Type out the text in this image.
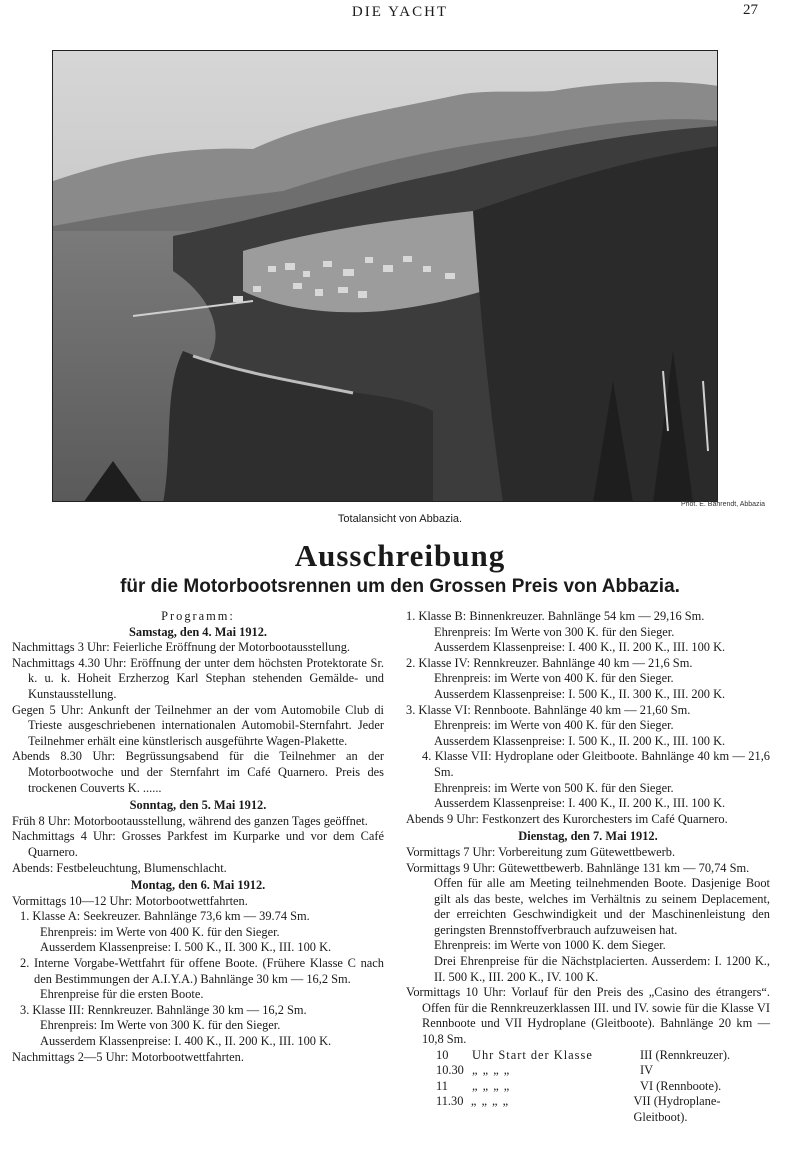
DIE YACHT	27
Phot. E. Bährendt, Abbazia
Totalansicht von Abbazia.
Ausschreibung
für die Motorbootsrennen um den Grossen Preis von Abbazia.

Programm:

Samstag, den 4. Mai 1912.

Nachmittags 3 Uhr: Feierliche Eröffnung der Motorbootausstellung.

Nachmittags 4.30 Uhr: Eröffnung der unter dem höchsten Protektorate Sr. k. u. k. Hoheit Erzherzog Karl Stephan stehenden Gemälde- und Kunstausstellung.

Gegen 5 Uhr: Ankunft der Teilnehmer an der vom Automobile Club di Trieste ausgeschriebenen internationalen Automobil-Sternfahrt. Jeder Teilnehmer erhält eine künstlerisch ausgeführte Wagen-Plakette.

Abends 8.30 Uhr: Begrüssungsabend für die Teilnehmer an der Motorbootwoche und der Sternfahrt im Café Quarnero. Preis des trockenen Couverts K. ......

Sonntag, den 5. Mai 1912.

Früh 8 Uhr: Motorbootausstellung, während des ganzen Tages geöffnet.

Nachmittags 4 Uhr: Grosses Parkfest im Kurparke und vor dem Café Quarnero.

Abends: Festbeleuchtung, Blumenschlacht.

Montag, den 6. Mai 1912.

Vormittags 10—12 Uhr: Motorbootwettfahrten.

1. Klasse A: Seekreuzer. Bahnlänge 73,6 km — 39.74 Sm.

Ehrenpreis: im Werte von 400 K. für den Sieger.

Ausserdem Klassenpreise: I. 500 K., II. 300 K., III. 100 K.

2. Interne Vorgabe-Wettfahrt für offene Boote. (Frühere Klasse C nach den Bestimmungen der A.I.Y.A.) Bahnlänge 30 km — 16,2 Sm.

Ehrenpreise für die ersten Boote.

3. Klasse III: Rennkreuzer. Bahnlänge 30 km — 16,2 Sm.

Ehrenpreis: Im Werte von 300 K. für den Sieger.

Ausserdem Klassenpreise: I. 400 K., II. 200 K., III. 100 K.

Nachmittags 2—5 Uhr: Motorbootwettfahrten.

1. Klasse B: Binnenkreuzer. Bahnlänge 54 km — 29,16 Sm.

Ehrenpreis: Im Werte von 300 K. für den Sieger.

Ausserdem Klassenpreise: I. 400 K., II. 200 K., III. 100 K.

2. Klasse IV: Rennkreuzer. Bahnlänge 40 km — 21,6 Sm.

Ehrenpreis: im Werte von 400 K. für den Sieger.

Ausserdem Klassenpreise: I. 500 K., II. 300 K., III. 200 K.

3. Klasse VI: Rennboote. Bahnlänge 40 km — 21,60 Sm.

Ehrenpreis: im Werte von 400 K. für den Sieger.

Ausserdem Klassenpreise: I. 500 K., II. 200 K., III. 100 K.

4. Klasse VII: Hydroplane oder Gleitboote. Bahnlänge 40 km — 21,6 Sm.

Ehrenpreis: im Werte von 500 K. für den Sieger.

Ausserdem Klassenpreise: I. 400 K., II. 200 K., III. 100 K.

Abends 9 Uhr: Festkonzert des Kurorchesters im Café Quarnero.

Dienstag, den 7. Mai 1912.

Vormittags 7 Uhr: Vorbereitung zum Gütewettbewerb.

Vormittags 9 Uhr: Gütewettbewerb. Bahnlänge 131 km — 70,74 Sm.

Offen für alle am Meeting teilnehmenden Boote. Dasjenige Boot gilt als das beste, welches im Verhältnis zu seinem Deplacement, der erreichten Geschwindigkeit und der Maschinenleistung den geringsten Brennstoffverbrauch aufzuweisen hat.

Ehrenpreis: im Werte von 1000 K. dem Sieger.

Drei Ehrenpreise für die Nächstplacierten. Ausserdem: I. 1200 K., II. 500 K., III. 200 K., IV. 100 K.

Vormittags 10 Uhr: Vorlauf für den Preis des „Casino des étrangers“. Offen für die Rennkreuzerklassen III. und IV. sowie für die Klasse VI Rennboote und VII Hydroplane (Gleitboote). Bahnlänge 20 km — 10,8 Sm.

10	Uhr Start der Klasse	III (Rennkreuzer).
10.30 „ „ „ „	IV
11	„ „ „ „	VI (Rennboote).
11.30 „ „ „ „	VII (Hydroplane-Gleitboot).
